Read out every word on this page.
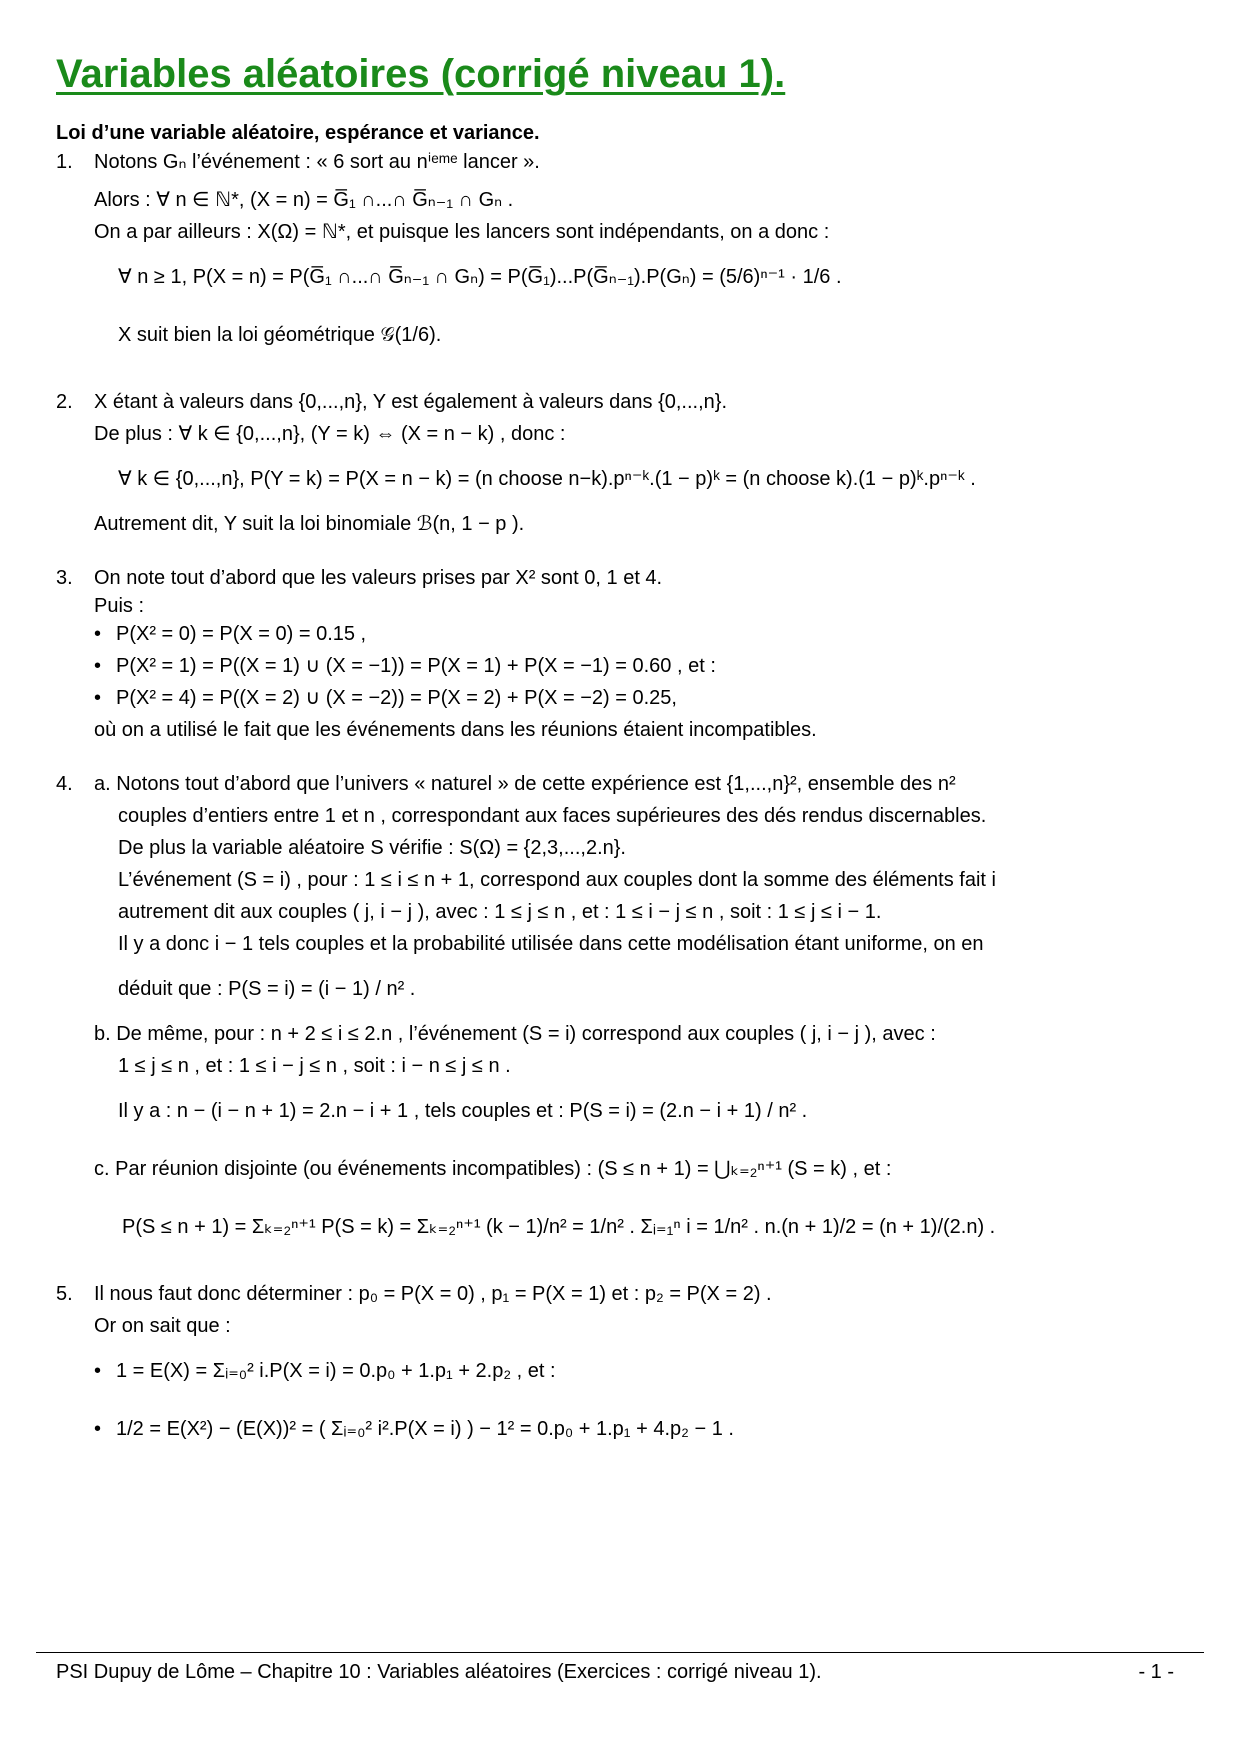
Variables aléatoires (corrigé niveau 1).
Loi d’une variable aléatoire, espérance et variance.
1. Notons Gₙ l’événement : « 6 sort au nⁱᵉᵐᵉ lancer ».
Alors : ∀ n ∈ ℕ*, (X = n) = G̅₁ ∩...∩ G̅ₙ₋₁ ∩ Gₙ .
On a par ailleurs : X(Ω) = ℕ*, et puisque les lancers sont indépendants, on a donc :
∀ n ≥ 1, P(X = n) = P(G̅₁ ∩...∩ G̅ₙ₋₁ ∩ Gₙ) = P(G̅₁)...P(G̅ₙ₋₁).P(Gₙ) = (5/6)ⁿ⁻¹ · 1/6 .
X suit bien la loi géométrique 𝒢(1/6).
2. X étant à valeurs dans {0,...,n}, Y est également à valeurs dans {0,...,n}.
De plus : ∀ k ∈ {0,...,n}, (Y = k) ⇔ (X = n − k) , donc :
∀ k ∈ {0,...,n}, P(Y = k) = P(X = n − k) = (n choose n−k).pⁿ⁻ᵏ.(1 − p)ᵏ = (n choose k).(1 − p)ᵏ.pⁿ⁻ᵏ .
Autrement dit, Y suit la loi binomiale ℬ(n, 1 − p ).
3. On note tout d’abord que les valeurs prises par X² sont 0, 1 et 4.
Puis :
• P(X² = 0) = P(X = 0) = 0.15 ,
• P(X² = 1) = P((X = 1) ∪ (X = −1)) = P(X = 1) + P(X = −1) = 0.60 , et :
• P(X² = 4) = P((X = 2) ∪ (X = −2)) = P(X = 2) + P(X = −2) = 0.25,
où on a utilisé le fait que les événements dans les réunions étaient incompatibles.
4. a. Notons tout d’abord que l’univers « naturel » de cette expérience est {1,...,n}², ensemble des n²
couples d’entiers entre 1 et n , correspondant aux faces supérieures des dés rendus discernables.
De plus la variable aléatoire S vérifie : S(Ω) = {2,3,...,2.n}.
L’événement (S = i) , pour : 1 ≤ i ≤ n + 1, correspond aux couples dont la somme des éléments fait i
autrement dit aux couples ( j, i − j ), avec : 1 ≤ j ≤ n , et : 1 ≤ i − j ≤ n , soit : 1 ≤ j ≤ i − 1.
Il y a donc i − 1 tels couples et la probabilité utilisée dans cette modélisation étant uniforme, on en
déduit que : P(S = i) = (i − 1) / n² .
b. De même, pour : n + 2 ≤ i ≤ 2.n , l’événement (S = i) correspond aux couples ( j, i − j ), avec :
1 ≤ j ≤ n , et : 1 ≤ i − j ≤ n , soit : i − n ≤ j ≤ n .
Il y a : n − (i − n + 1) = 2.n − i + 1 , tels couples et : P(S = i) = (2.n − i + 1) / n² .
c. Par réunion disjointe (ou événements incompatibles) : (S ≤ n + 1) = ⋃ₖ₌₂ⁿ⁺¹ (S = k) , et :
P(S ≤ n + 1) = Σₖ₌₂ⁿ⁺¹ P(S = k) = Σₖ₌₂ⁿ⁺¹ (k − 1)/n² = 1/n² . Σᵢ₌₁ⁿ i = 1/n² . n.(n + 1)/2 = (n + 1)/(2.n) .
5. Il nous faut donc déterminer : p₀ = P(X = 0) , p₁ = P(X = 1) et : p₂ = P(X = 2) .
Or on sait que :
• 1 = E(X) = Σᵢ₌₀² i.P(X = i) = 0.p₀ + 1.p₁ + 2.p₂ , et :
• 1/2 = E(X²) − (E(X))² = ( Σᵢ₌₀² i².P(X = i) ) − 1² = 0.p₀ + 1.p₁ + 4.p₂ − 1 .
PSI Dupuy de Lôme – Chapitre 10 : Variables aléatoires (Exercices : corrigé niveau 1).	- 1 -
